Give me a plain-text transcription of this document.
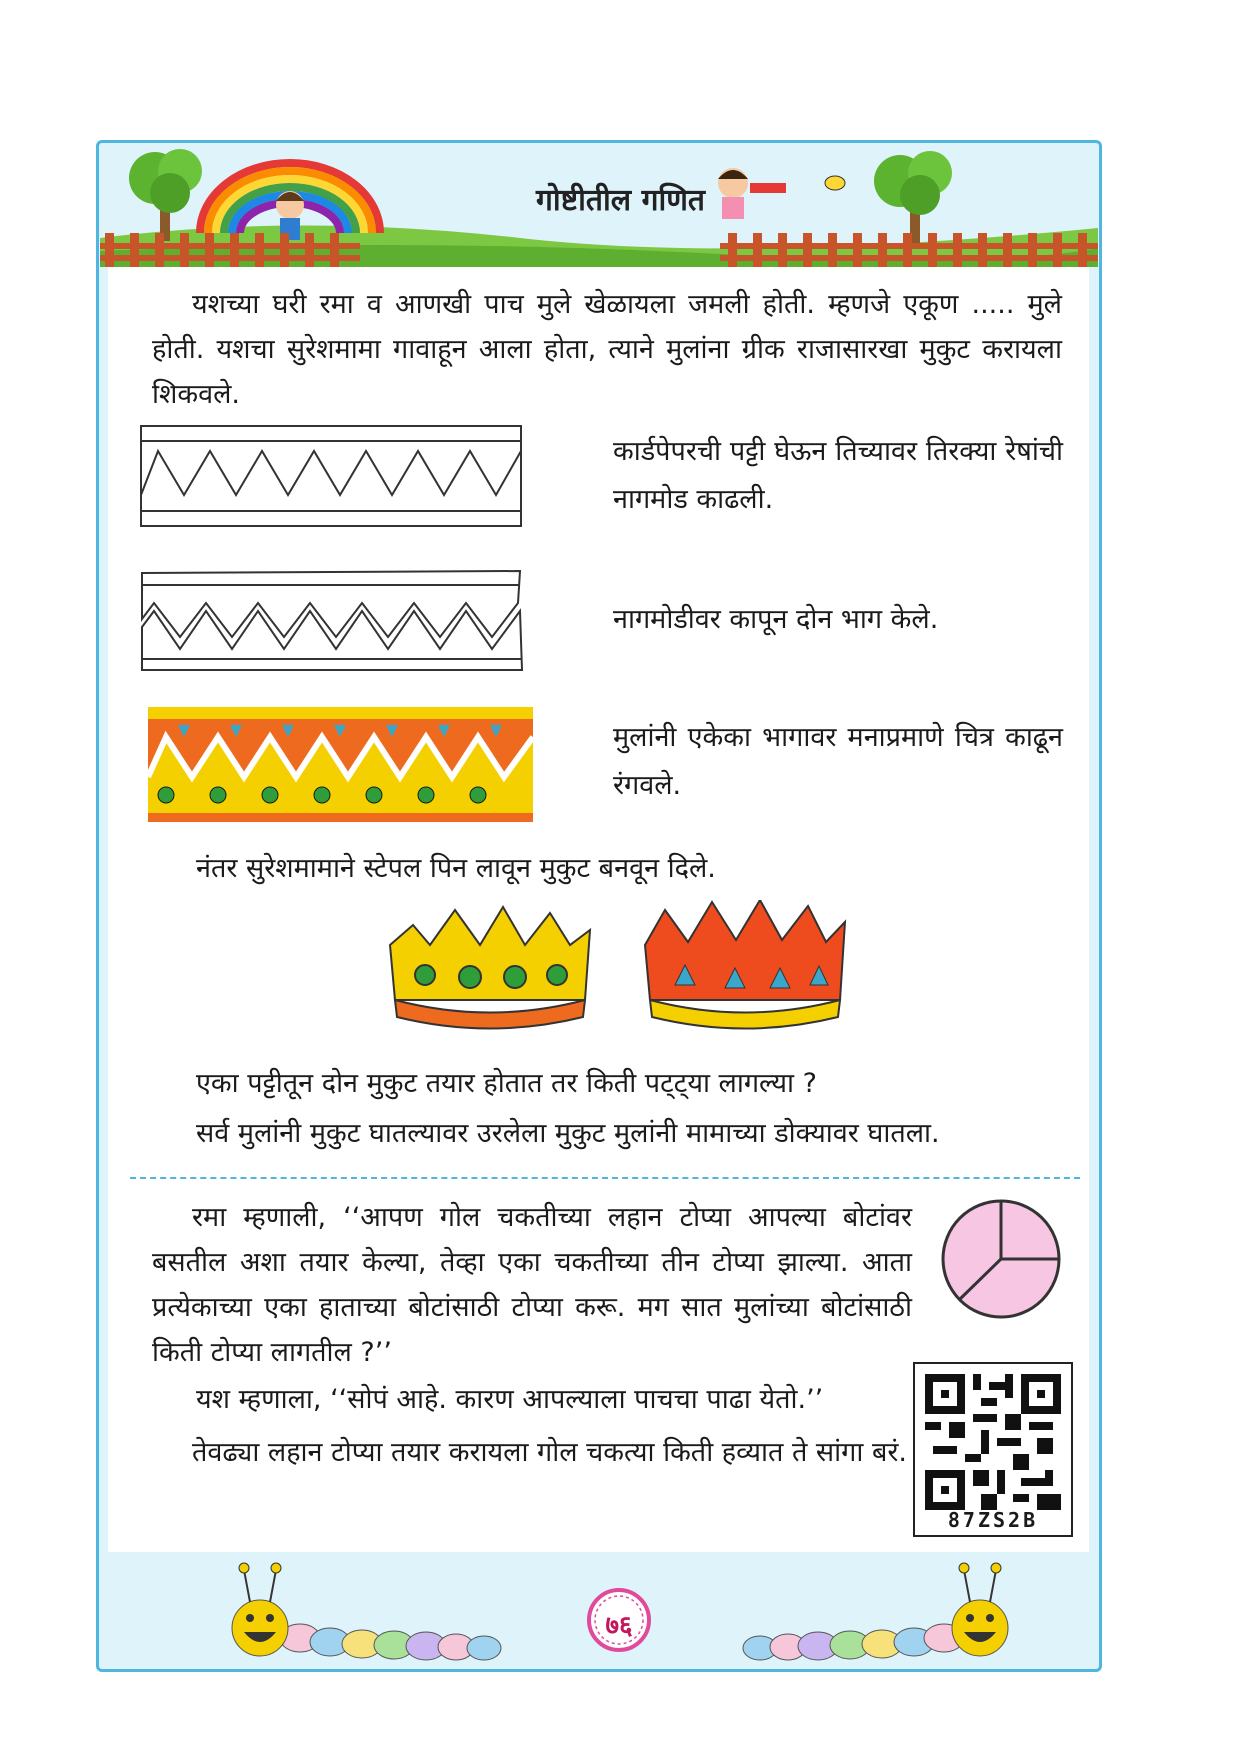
गोष्टीतील गणित
यशच्या घरी रमा व आणखी पाच मुले खेळायला जमली होती. म्हणजे एकूण ..... मुले होती. यशचा सुरेशमामा गावाहून आला होता, त्याने मुलांना ग्रीक राजासारखा मुकुट करायला शिकवले.
कार्डपेपरची पट्टी घेऊन तिच्यावर तिरक्या रेषांची नागमोड काढली.
नागमोडीवर कापून दोन भाग केले.
मुलांनी एकेका भागावर मनाप्रमाणे चित्र काढून रंगवले.
नंतर सुरेशमामाने स्टेपल पिन लावून मुकुट बनवून दिले.
एका पट्टीतून दोन मुकुट तयार होतात तर किती पट्ट्या लागल्या ?
सर्व मुलांनी मुकुट घातल्यावर उरलेला मुकुट मुलांनी मामाच्या डोक्यावर घातला.
रमा म्हणाली, ‘‘आपण गोल चकतीच्या लहान टोप्या आपल्या बोटांवर बसतील अशा तयार केल्या, तेव्हा एका चकतीच्या तीन टोप्या झाल्या. आता प्रत्येकाच्या एका हाताच्या बोटांसाठी टोप्या करू. मग सात मुलांच्या बोटांसाठी किती टोप्या लागतील ?’’
यश म्हणाला, ‘‘सोपं आहे. कारण आपल्याला पाचचा पाढा येतो.’’
तेवढ्या लहान टोप्या तयार करायला गोल चकत्या किती हव्यात ते सांगा बरं.
87ZS2B
७६
